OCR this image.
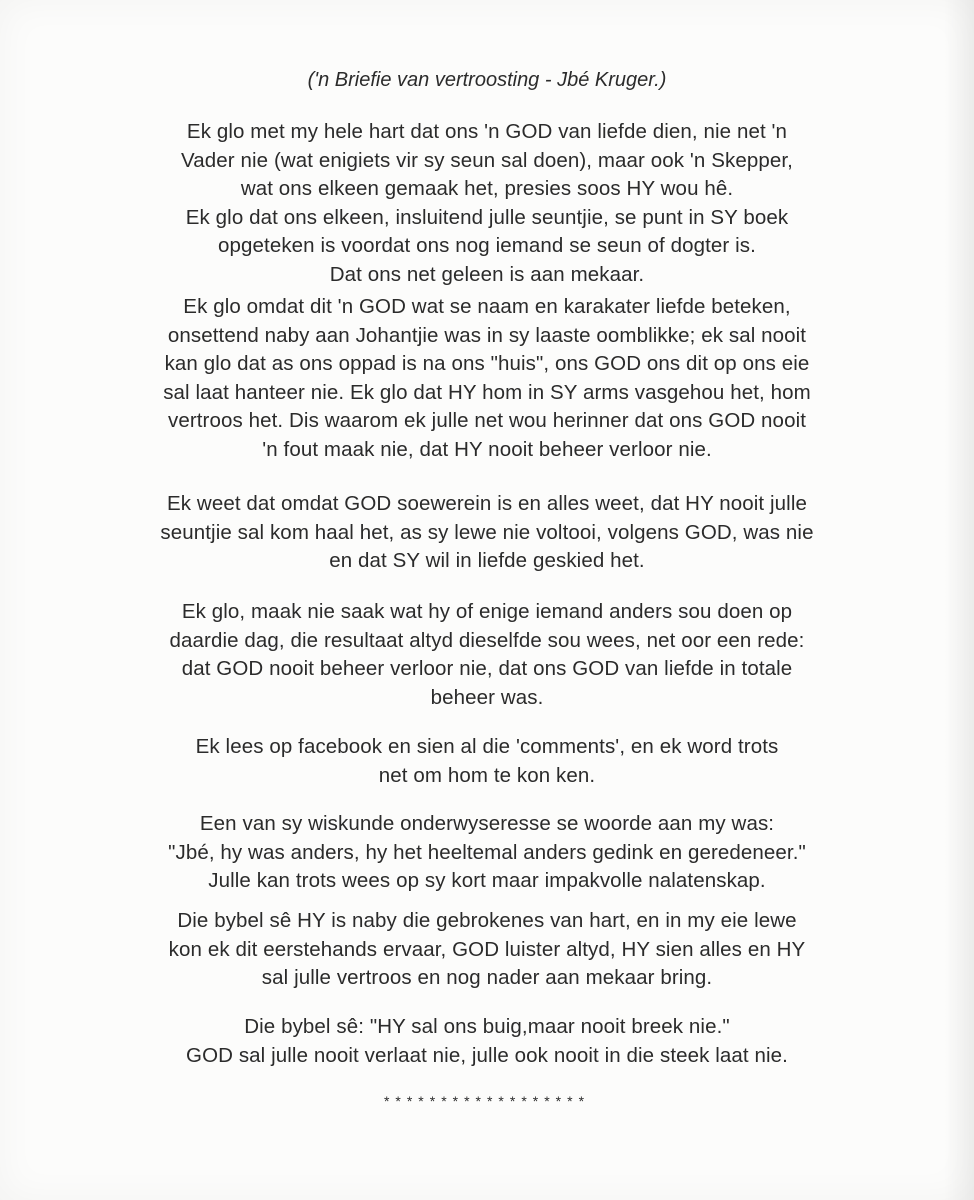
('n Briefie van vertroosting - Jbé Kruger.)
Ek glo met my hele hart dat ons 'n GOD van liefde dien, nie net 'n
Vader nie (wat enigiets vir sy seun sal doen), maar ook 'n Skepper,
wat ons elkeen gemaak het, presies soos HY wou hê.
Ek glo dat ons elkeen, insluitend julle seuntjie, se punt in SY boek
opgeteken is voordat ons nog iemand se seun of dogter is.
Dat ons net geleen is aan mekaar.
Ek glo omdat dit 'n GOD wat se naam en karakater liefde beteken,
onsettend naby aan Johantjie was in sy laaste oomblikke; ek sal nooit
kan glo dat as ons oppad is na ons "huis", ons GOD ons dit op ons eie
sal laat hanteer nie. Ek glo dat HY hom in SY arms vasgehou het, hom
vertroos het. Dis waarom ek julle net wou herinner dat ons GOD nooit
'n fout maak nie, dat HY nooit beheer verloor nie.
Ek weet dat omdat GOD soewerein is en alles weet, dat HY nooit julle
seuntjie sal kom haal het, as sy lewe nie voltooi, volgens GOD, was nie
en dat SY wil in liefde geskied het.
Ek glo, maak nie saak wat hy of enige iemand anders sou doen op
daardie dag, die resultaat altyd dieselfde sou wees, net oor een rede:
dat GOD nooit beheer verloor nie, dat ons GOD van liefde in totale
beheer was.
Ek lees op facebook en sien al die 'comments', en ek word trots
net om hom te kon ken.
Een van sy wiskunde onderwyseresse se woorde aan my was:
"Jbé, hy was anders, hy het heeltemal anders gedink en geredeneer."
Julle kan trots wees op sy kort maar impakvolle nalatenskap.
Die bybel sê HY is naby die gebrokenes van hart, en in my eie lewe
kon ek dit eerstehands ervaar, GOD luister altyd, HY sien alles en HY
sal julle vertroos en nog nader aan mekaar bring.
Die bybel sê: "HY sal ons buig,maar nooit breek nie."
GOD sal julle nooit verlaat nie, julle ook nooit in die steek laat nie.
******************
